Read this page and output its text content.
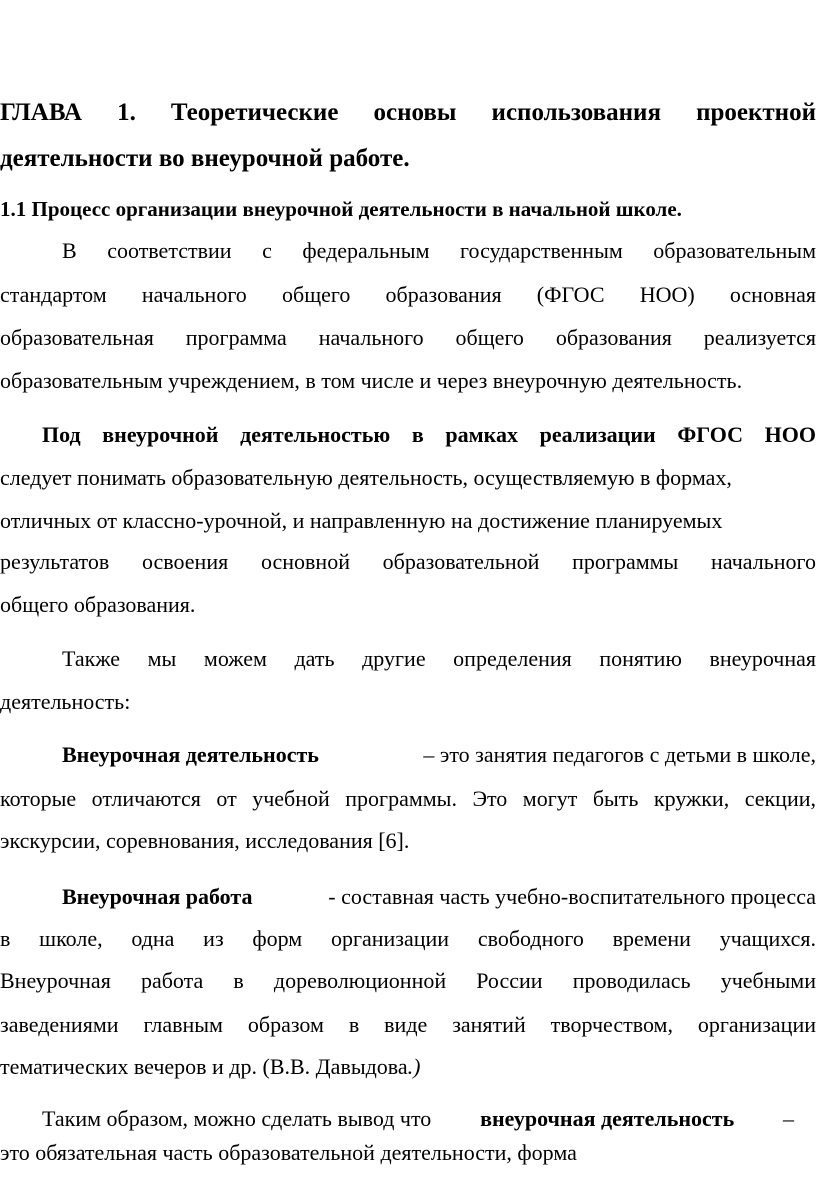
ГЛАВА 1. Теоретические основы использования проектной
деятельности во внеурочной работе.
1.1 Процесс организации внеурочной деятельности в начальной школе.
В соответствии с федеральным государственным образовательным
стандартом начального общего образования (ФГОС НОО) основная
образовательная программа начального общего образования реализуется
образовательным учреждением, в том числе и через внеурочную деятельность.
Под внеурочной деятельностью в рамках реализации ФГОС НОО
следует понимать образовательную деятельность, осуществляемую в формах,
отличных от классно-урочной, и направленную на достижение планируемых
результатов освоения основной образовательной программы начального
общего образования.
Также мы можем дать другие определения понятию внеурочная
деятельность:
Внеурочная деятельность	– это занятия педагогов с детьми в школе,
которые отличаются от учебной программы. Это могут быть кружки, секции,
экскурсии, соревнования, исследования [6].
Внеурочная работа	- составная часть учебно-воспитательного процесса
в школе, одна из форм организации свободного времени учащихся.
Внеурочная работа в дореволюционной России проводилась учебными
заведениями главным образом в виде занятий творчеством, организации
тематических вечеров и др. (В.В. Давыдова.)
Таким образом, можно сделать вывод что внеурочная деятельность –
это обязательная часть образовательной деятельности, форма
